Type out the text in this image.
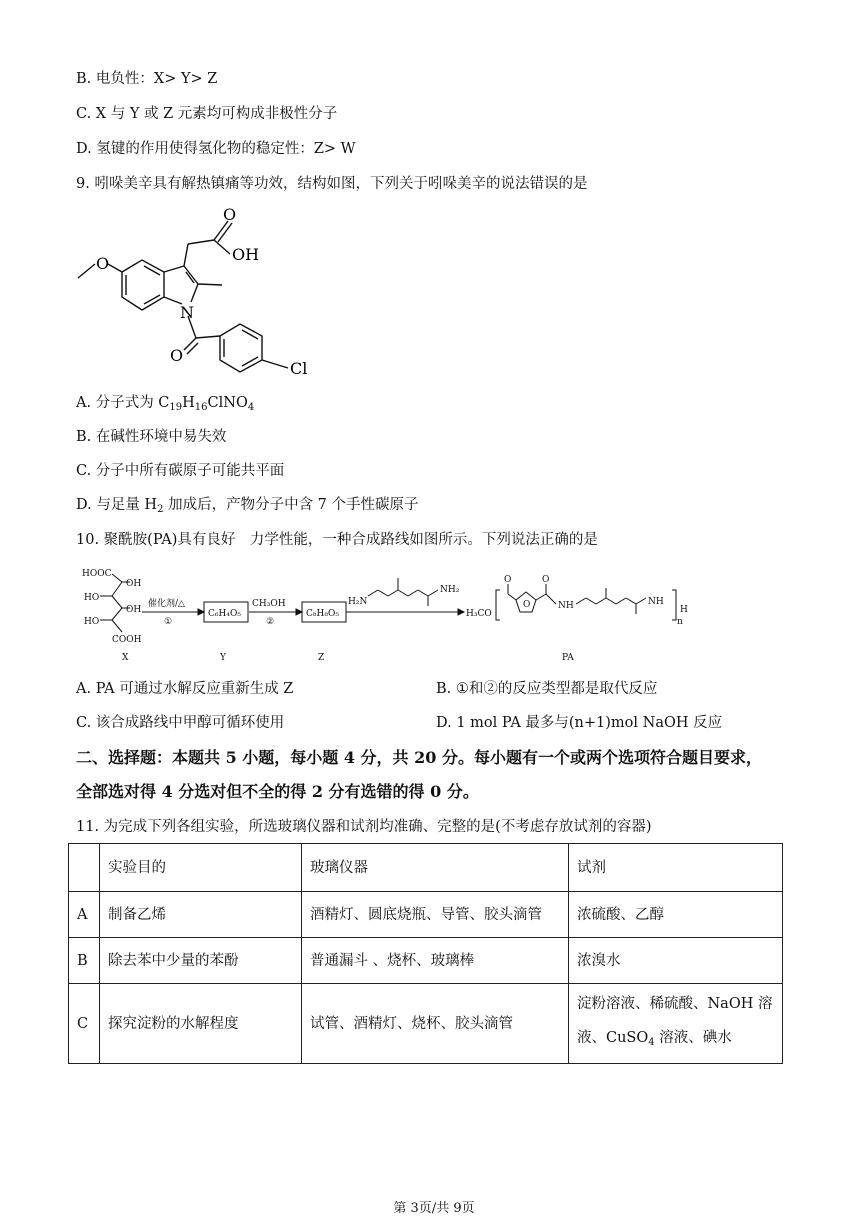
B. 电负性：X> Y> Z
C. X 与 Y 或 Z 元素均可构成非极性分子
D. 氢键的作用使得氢化物的稳定性：Z> W
9. 吲哚美辛具有解热镇痛等功效，结构如图，下列关于吲哚美辛的说法错误的是
O
O
OH
N
O
Cl
A. 分子式为 $C_{19}H_{16}ClNO_4$
B. 在碱性环境中易失效
C. 分子中所有碳原子可能共平面
D. 与足量 $H_2$ 加成后，产物分子中含 7 个手性碳原子
10. 聚酰胺(PA)具有良好　力学性能，一种合成路线如图所示。下列说法正确的是
HOOC
OH
HO
OH
HO
COOH
催化剂/△
①
C₆H₄O₅
CH₃OH
②
C₈H₈O₅
H₂N
NH₂
H₃CO
O
O
O
NH	NH
n
H
X	Y	Z	PA
A. PA 可通过水解反应重新生成 Z	B. ①和②的反应类型都是取代反应
C. 该合成路线中甲醇可循环使用	D. 1 mol PA 最多与(n+1)mol NaOH 反应
二、选择题：本题共 5 小题，每小题 4 分，共 20 分。每小题有一个或两个选项符合题目要求，
全部选对得 4 分选对但不全的得 2 分有选错的得 0 分。
11. 为完成下列各组实验，所选玻璃仪器和试剂均准确、完整的是(不考虑存放试剂的容器)
	实验目的	玻璃仪器	试剂
A	制备乙烯	酒精灯、圆底烧瓶、导管、胶头滴管	浓硫酸、乙醇
B	除去苯中少量的苯酚	普通漏斗 、烧杯、玻璃棒	浓溴水
C	探究淀粉的水解程度	试管、酒精灯、烧杯、胶头滴管	淀粉溶液、稀硫酸、NaOH 溶
液、CuSO$_4$ 溶液、碘水
第 3页/共 9页
